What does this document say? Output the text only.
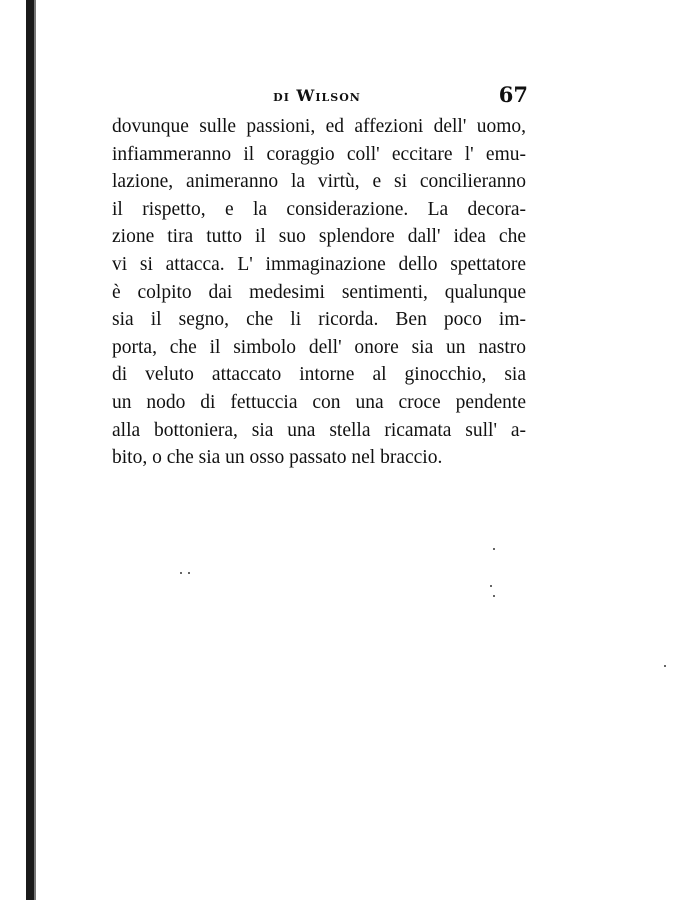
di Wilson	67
dovunque sulle passioni, ed affezioni dell' uomo,
infiammeranno il coraggio coll' eccitare l' emu-
lazione, animeranno la virtù, e si concilieranno
il rispetto, e la considerazione. La decora-
zione tira tutto il suo splendore dall' idea che
vi si attacca. L' immaginazione dello spettatore
è colpito dai medesimi sentimenti, qualunque
sia il segno, che li ricorda. Ben poco im-
porta, che il simbolo dell' onore sia un nastro
di veluto attaccato intorne al ginocchio, sia
un nodo di fettuccia con una croce pendente
alla bottoniera, sia una stella ricamata sull' a-
bito, o che sia un osso passato nel braccio.
